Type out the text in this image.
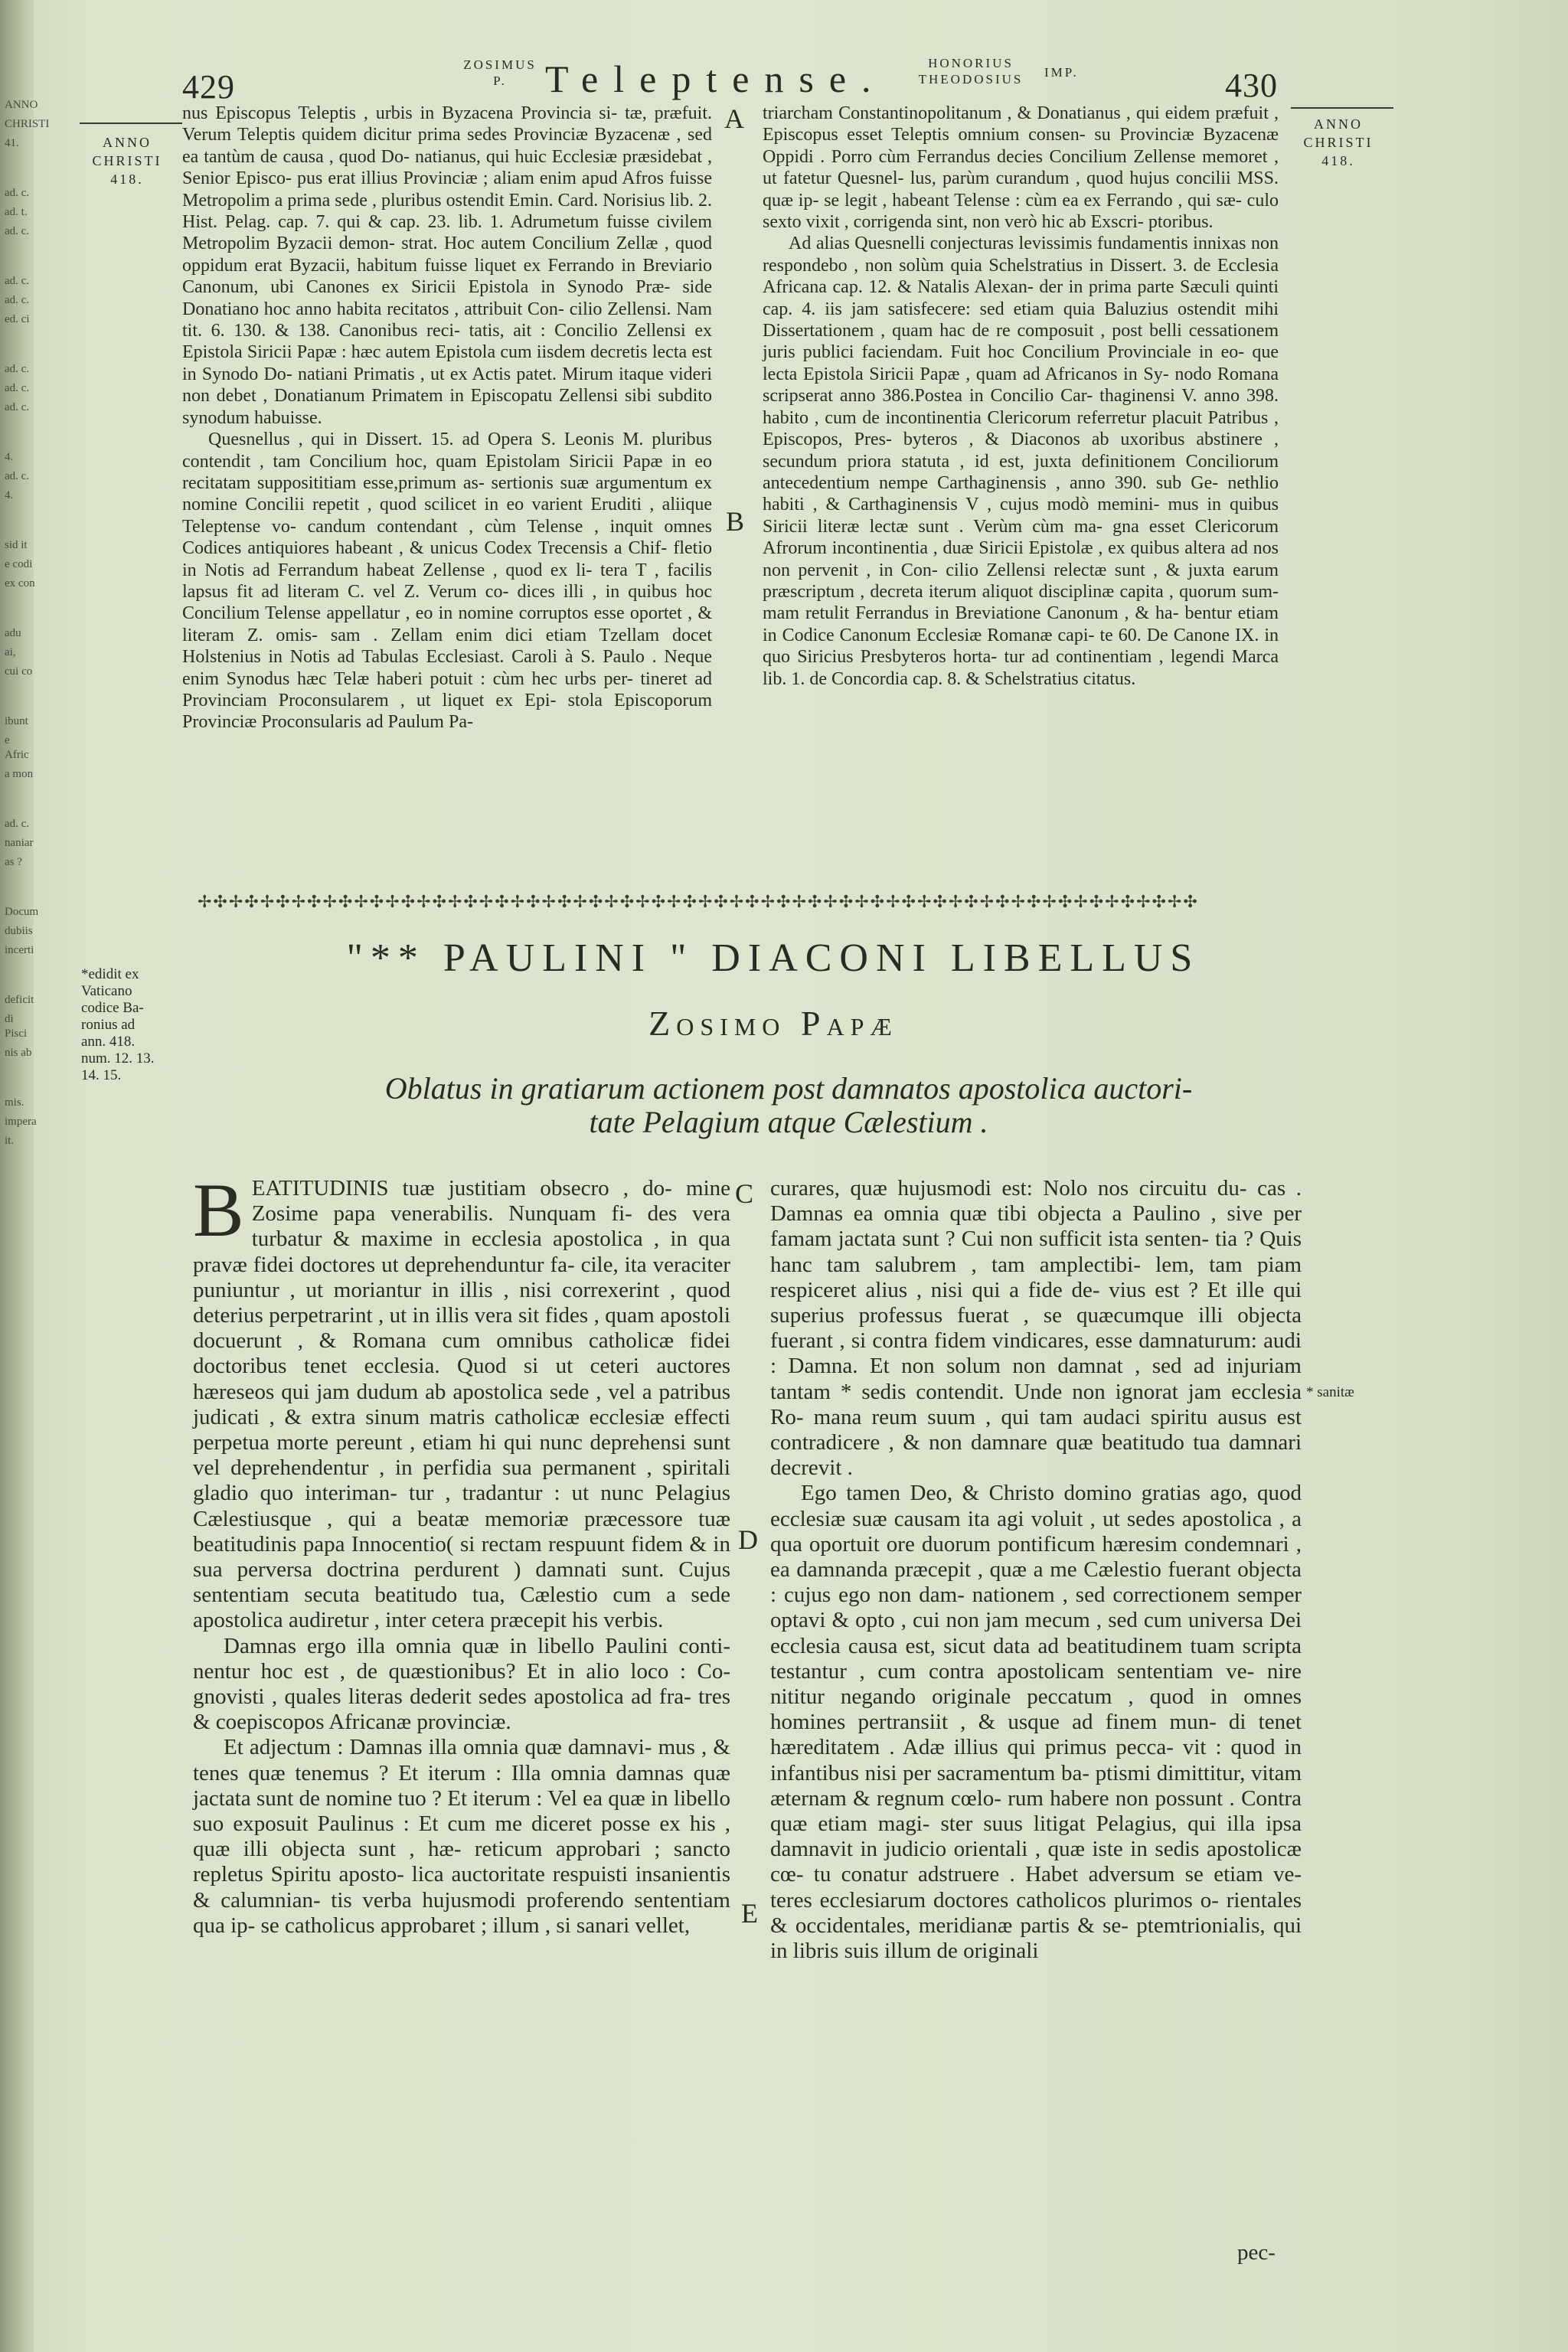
ANNO
CHRISTI
41.
ad. c.
ad. t.
ad. c.
ad. c.
ad. c.
ed. ci
ad. c.
ad. c.
ad. c.
4.
ad. c.
4.
sid it
e codi
ex con
adu
ai,
cui co
ibunt
e Afric
a mon
ad. c.
naniar
as ?
Docum
dubiis
incerti
deficit
di Pisci
nis ab
mis.
impera
it.
429
ZOSIMUS
P.	Teleptense.	HONORIUS
THEODOSIUS	IMP.	430
ANNO
CHRISTI
418.
ANNO
CHRISTI
418.
A
B
C
D
E

nus Episcopus Teleptis , urbis in Byzacena Provincia si- tæ, præfuit. Verum Teleptis quidem dicitur prima sedes Provinciæ Byzacenæ , sed ea tantùm de causa , quod Do- natianus, qui huic Ecclesiæ præsidebat , Senior Episco- pus erat illius Provinciæ ; aliam enim apud Afros fuisse Metropolim a prima sede , pluribus ostendit Emin. Card. Norisius lib. 2. Hist. Pelag. cap. 7. qui & cap. 23. lib. 1. Adrumetum fuisse civilem Metropolim Byzacii demon- strat. Hoc autem Concilium Zellæ , quod oppidum erat Byzacii, habitum fuisse liquet ex Ferrando in Breviario Canonum, ubi Canones ex Siricii Epistola in Synodo Præ- side Donatiano hoc anno habita recitatos , attribuit Con- cilio Zellensi. Nam tit. 6. 130. & 138. Canonibus reci- tatis, ait : Concilio Zellensi ex Epistola Siricii Papæ : hæc autem Epistola cum iisdem decretis lecta est in Synodo Do- natiani Primatis , ut ex Actis patet. Mirum itaque videri non debet , Donatianum Primatem in Episcopatu Zellensi sibi subdito synodum habuisse.

Quesnellus , qui in Dissert. 15. ad Opera S. Leonis M. pluribus contendit , tam Concilium hoc, quam Epistolam Siricii Papæ in eo recitatam supposititiam esse,primum as- sertionis suæ argumentum ex nomine Concilii repetit , quod scilicet in eo varient Eruditi , aliique Teleptense vo- candum contendant , cùm Telense , inquit omnes Codices antiquiores habeant , & unicus Codex Trecensis a Chif- fletio in Notis ad Ferrandum habeat Zellense , quod ex li- tera T , facilis lapsus fit ad literam C. vel Z. Verum co- dices illi , in quibus hoc Concilium Telense appellatur , eo in nomine corruptos esse oportet , & literam Z. omis- sam . Zellam enim dici etiam Tzellam docet Holstenius in Notis ad Tabulas Ecclesiast. Caroli à S. Paulo . Neque enim Synodus hæc Telæ haberi potuit : cùm hec urbs per- tineret ad Provinciam Proconsularem , ut liquet ex Epi- stola Episcoporum Provinciæ Proconsularis ad Paulum Pa-

triarcham Constantinopolitanum , & Donatianus , qui eidem præfuit , Episcopus esset Teleptis omnium consen- su Provinciæ Byzacenæ Oppidi . Porro cùm Ferrandus decies Concilium Zellense memoret , ut fatetur Quesnel- lus, parùm curandum , quod hujus concilii MSS. quæ ip- se legit , habeant Telense : cùm ea ex Ferrando , qui sæ- culo sexto vixit , corrigenda sint, non verò hic ab Exscri- ptoribus.

Ad alias Quesnelli conjecturas levissimis fundamentis innixas non respondebo , non solùm quia Schelstratius in Dissert. 3. de Ecclesia Africana cap. 12. & Natalis Alexan- der in prima parte Sæculi quinti cap. 4. iis jam satisfecere: sed etiam quia Baluzius ostendit mihi Dissertationem , quam hac de re composuit , post belli cessationem juris publici faciendam. Fuit hoc Concilium Provinciale in eo- que lecta Epistola Siricii Papæ , quam ad Africanos in Sy- nodo Romana scripserat anno 386.Postea in Concilio Car- thaginensi V. anno 398. habito , cum de incontinentia Clericorum referretur placuit Patribus , Episcopos, Pres- byteros , & Diaconos ab uxoribus abstinere , secundum priora statuta , id est, juxta definitionem Conciliorum antecedentium nempe Carthaginensis , anno 390. sub Ge- nethlio habiti , & Carthaginensis V , cujus modò memini- mus in quibus Siricii literæ lectæ sunt . Verùm cùm ma- gna esset Clericorum Afrorum incontinentia , duæ Siricii Epistolæ , ex quibus altera ad nos non pervenit , in Con- cilio Zellensi relectæ sunt , & juxta earum præscriptum , decreta iterum aliquot disciplinæ capita , quorum sum- mam retulit Ferrandus in Breviatione Canonum , & ha- bentur etiam in Codice Canonum Ecclesiæ Romanæ capi- te 60. De Canone IX. in quo Siricius Presbyteros horta- tur ad continentiam , legendi Marca lib. 1. de Concordia cap. 8. & Schelstratius citatus.

✢✣✢✣✢✣✢✣✢✣✢✣✢✣✢✣✢✣✢✣✢✣✢✣✢✣✢✣✢✣✢✣✢✣✢✣✢✣✢✣✢✣✢✣✢✣✢✣✢✣✢✣✢✣✢✣✢✣✢✣✢✣✢✣
*edidit ex
Vaticano
codice Ba-
ronius ad
ann. 418.
num. 12. 13.
14. 15.
"** PAULINI " DIACONI LIBELLUS
Zosimo Papæ
Oblatus in gratiarum actionem post damnatos apostolica auctori-
tate Pelagium atque Cælestium .
B EATITUDINIS tuæ justitiam obsecro , do- mine Zosime papa venerabilis. Nunquam fi- des vera turbatur & maxime in ecclesia apostolica , in qua pravæ fidei doctores ut deprehenduntur fa- cile, ita veraciter puniuntur , ut moriantur in illis , nisi correxerint , quod deterius perpetrarint , ut in illis vera sit fides , quam apostoli docuerunt , & Romana cum omnibus catholicæ fidei doctoribus tenet ecclesia. Quod si ut ceteri auctores hæreseos qui jam dudum ab apostolica sede , vel a patribus judicati , & extra sinum matris catholicæ ecclesiæ effecti perpetua morte pereunt , etiam hi qui nunc deprehensi sunt vel deprehendentur , in perfidia sua permanent , spiritali gladio quo interiman- tur , tradantur : ut nunc Pelagius Cælestiusque , qui a beatæ memoriæ præcessore tuæ beatitudinis papa Innocentio( si rectam respuunt fidem & in sua perversa doctrina perdurent ) damnati sunt. Cujus sententiam secuta beatitudo tua, Cælestio cum a sede apostolica audiretur , inter cetera præcepit his verbis.

Damnas ergo illa omnia quæ in libello Paulini conti- nentur hoc est , de quæstionibus? Et in alio loco : Co- gnovisti , quales literas dederit sedes apostolica ad fra- tres & coepiscopos Africanæ provinciæ.

Et adjectum : Damnas illa omnia quæ damnavi- mus , & tenes quæ tenemus ? Et iterum : Illa omnia damnas quæ jactata sunt de nomine tuo ? Et iterum : Vel ea quæ in libello suo exposuit Paulinus : Et cum me diceret posse ex his , quæ illi objecta sunt , hæ- reticum approbari ; sancto repletus Spiritu aposto- lica auctoritate respuisti insanientis & calumnian- tis verba hujusmodi proferendo sententiam qua ip- se catholicus approbaret ; illum , si sanari vellet,

curares, quæ hujusmodi est: Nolo nos circuitu du- cas . Damnas ea omnia quæ tibi objecta a Paulino , sive per famam jactata sunt ? Cui non sufficit ista senten- tia ? Quis hanc tam salubrem , tam amplectibi- lem, tam piam respiceret alius , nisi qui a fide de- vius est ? Et ille qui superius professus fuerat , se quæcumque illi objecta fuerant , si contra fidem vindicares, esse damnaturum: audi : Damna. Et non solum non damnat , sed ad injuriam tantam * sedis contendit. Unde non ignorat jam ecclesia Ro- mana reum suum , qui tam audaci spiritu ausus est contradicere , & non damnare quæ beatitudo tua damnari decrevit .

Ego tamen Deo, & Christo domino gratias ago, quod ecclesiæ suæ causam ita agi voluit , ut sedes apostolica , a qua oportuit ore duorum pontificum hæresim condemnari , ea damnanda præcepit , quæ a me Cælestio fuerant objecta : cujus ego non dam- nationem , sed correctionem semper optavi & opto , cui non jam mecum , sed cum universa Dei ecclesia causa est, sicut data ad beatitudinem tuam scripta testantur , cum contra apostolicam sententiam ve- nire nititur negando originale peccatum , quod in omnes homines pertransiit , & usque ad finem mun- di tenet hæreditatem . Adæ illius qui primus pecca- vit : quod in infantibus nisi per sacramentum ba- ptismi dimittitur, vitam æternam & regnum cœlo- rum habere non possunt . Contra quæ etiam magi- ster suus litigat Pelagius, qui illa ipsa damnavit in judicio orientali , quæ iste in sedis apostolicæ cœ- tu conatur adstruere . Habet adversum se etiam ve- teres ecclesiarum doctores catholicos plurimos o- rientales & occidentales, meridianæ partis & se- ptemtrionialis, qui in libris suis illum de originali

* sanitæ
pec-
